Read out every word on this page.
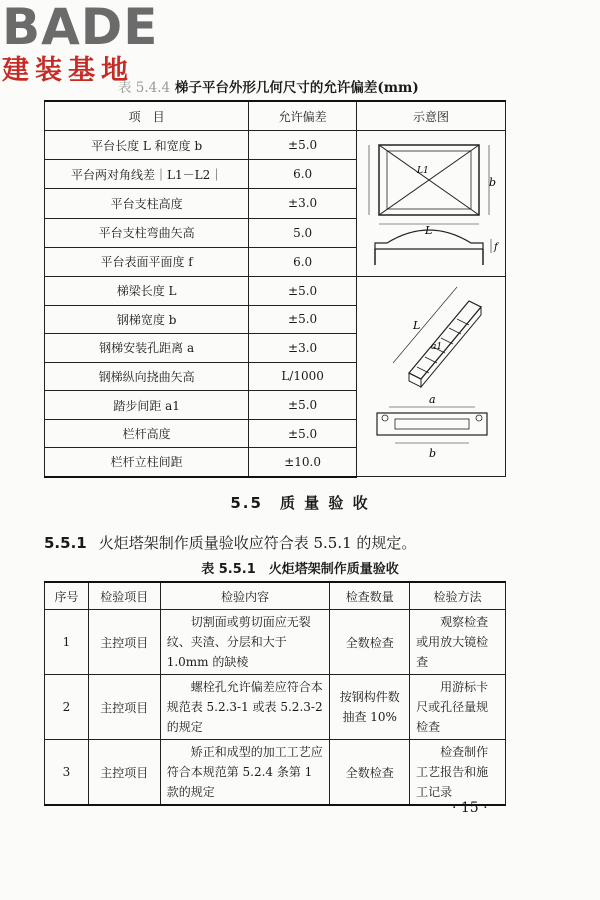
BADE
建装基地
表 5.4.4 梯子平台外形几何尺寸的允许偏差(mm)
项　目	允许偏差	示意图
平台长度 L 和宽度 b	±5.0	b
L
L1
f

平台两对角线差｜L1－L2｜	6.0	
平台支柱高度	±3.0	
平台支柱弯曲矢高	5.0	
平台表面平面度 f	6.0	
梯梁长度 L	±5.0	L
a1
a
b

钢梯宽度 b	±5.0	
钢梯安装孔距离 a	±3.0	
钢梯纵向挠曲矢高	L/1000	
踏步间距 a1	±5.0	
栏杆高度	±5.0	
栏杆立柱间距	±10.0	
5.5　质 量 验 收
5.5.1 火炬塔架制作质量验收应符合表 5.5.1 的规定。
表 5.5.1　火炬塔架制作质量验收
序号	检验项目	检验内容	检查数量	检验方法
1	主控项目	切割面或剪切面应无裂纹、夹渣、分层和大于 1.0mm 的缺棱	全数检查	观察检查或用放大镜检查
2	主控项目	螺栓孔允许偏差应符合本规范表 5.2.3-1 或表 5.2.3-2 的规定	按钢构件数抽查 10%	用游标卡尺或孔径量规检查
3	主控项目	矫正和成型的加工工艺应符合本规范第 5.2.4 条第 1 款的规定	全数检查	检查制作工艺报告和施工记录
· 15 ·
